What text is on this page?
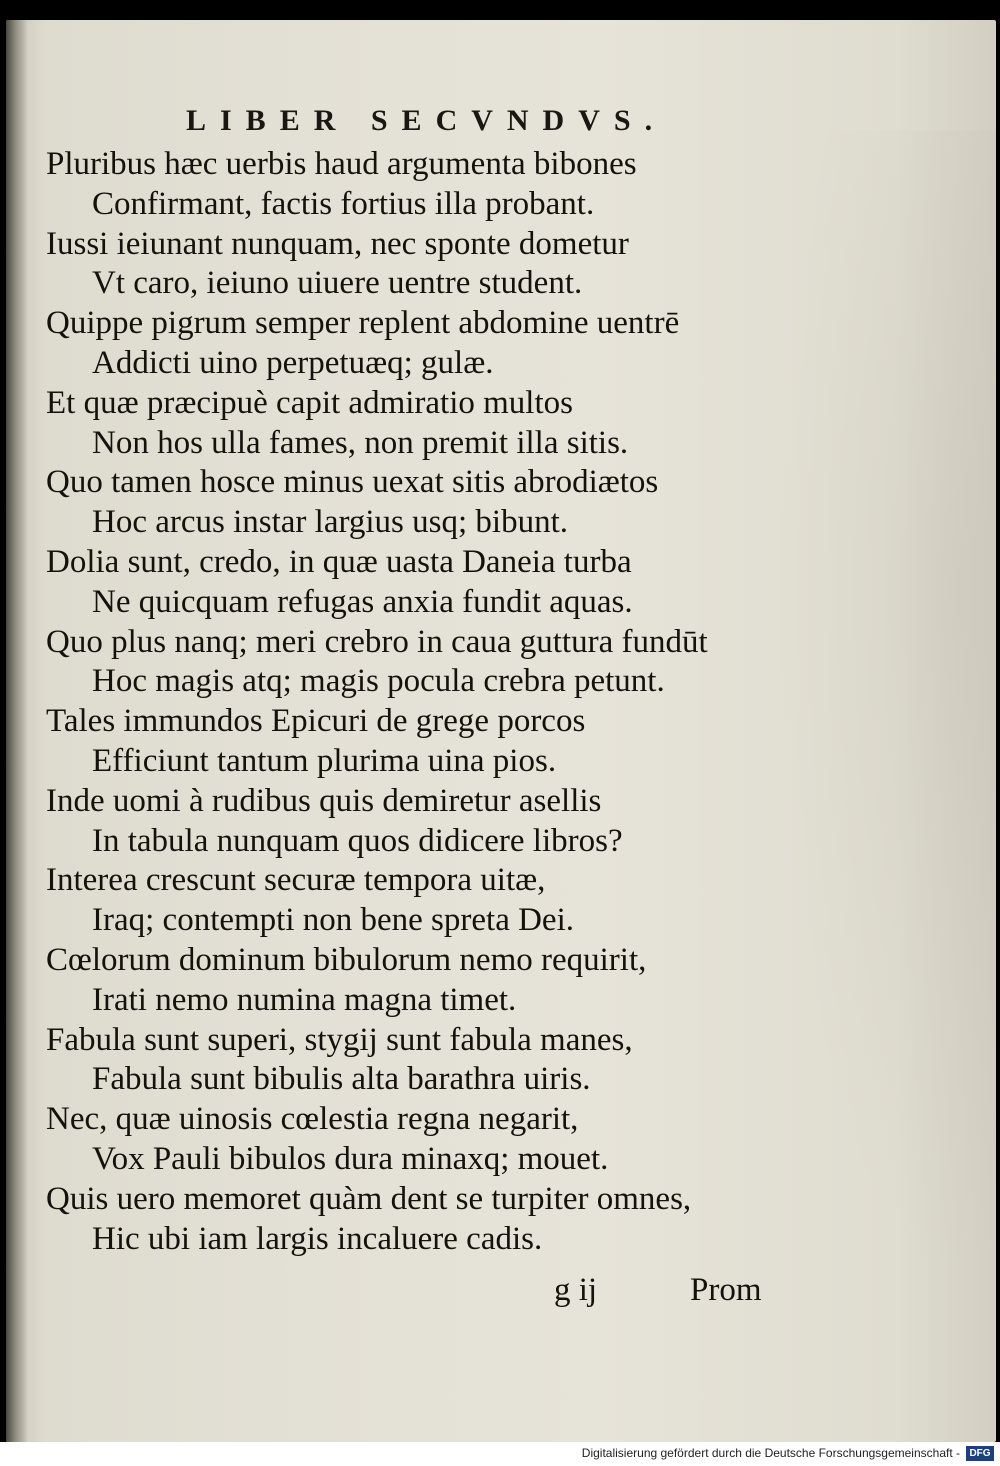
LIBER SECVNDVS.
Pluribus hæc uerbis haud argumenta bibones
Confirmant, factis fortius illa probant.
Iussi ieiunant nunquam, nec sponte dometur
Vt caro, ieiuno uiuere uentre student.
Quippe pigrum semper replent abdomine uentrē
Addicti uino perpetuæq; gulæ.
Et quæ præcipuè capit admiratio multos
Non hos ulla fames, non premit illa sitis.
Quo tamen hosce minus uexat sitis abrodiætos
Hoc arcus instar largius usq; bibunt.
Dolia sunt, credo, in quæ uasta Daneia turba
Ne quicquam refugas anxia fundit aquas.
Quo plus nanq; meri crebro in caua guttura fundūt
Hoc magis atq; magis pocula crebra petunt.
Tales immundos Epicuri de grege porcos
Efficiunt tantum plurima uina pios.
Inde uomi à rudibus quis demiretur asellis
In tabula nunquam quos didicere libros?
Interea crescunt securæ tempora uitæ,
Iraq; contempti non bene spreta Dei.
Cœlorum dominum bibulorum nemo requirit,
Irati nemo numina magna timet.
Fabula sunt superi, stygij sunt fabula manes,
Fabula sunt bibulis alta barathra uiris.
Nec, quæ uinosis cœlestia regna negarit,
Vox Pauli bibulos dura minaxq; mouet.
Quis uero memoret quàm dent se turpiter omnes,
Hic ubi iam largis incaluere cadis.
g ij	Prom
Digitalisierung gefördert durch die Deutsche Forschungsgemeinschaft - DFG
